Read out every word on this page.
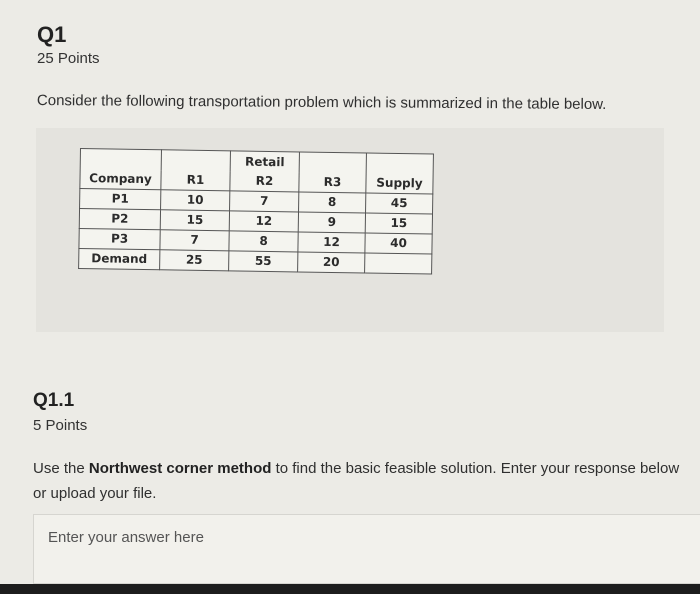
Q1
25 Points
Consider the following transportation problem which is summarized in the table below.
		Retail		
Company	R1	R2	R3	Supply
P1	10	7	8	45
P2	15	12	9	15
P3	7	8	12	40
Demand	25	55	20	
Q1.1
5 Points
Use the Northwest corner method to find the basic feasible solution. Enter your response below or upload your file.
Enter your answer here
